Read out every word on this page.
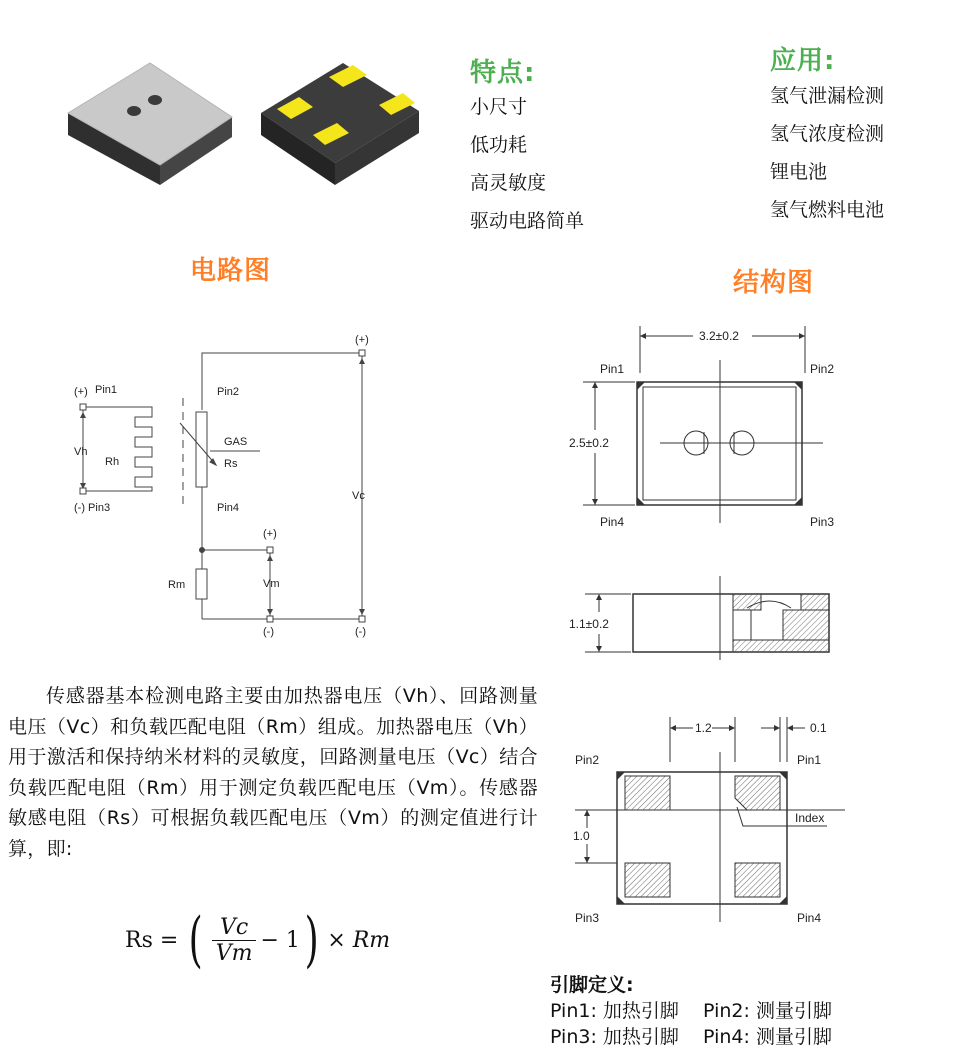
特点:
小尺寸
低功耗
高灵敏度
驱动电路简单
应用:
氢气泄漏检测
氢气浓度检测
锂电池
氢气燃料电池
电路图	结构图
(+)
(+) Pin1
Vh
Rh
(-) Pin3
Pin2
GAS
Rs
Pin4
Vc
(+)
Vm
Rm
(-)	(-)
3.2±0.2
2.5±0.2
Pin1	Pin2
Pin4	Pin3
1.1±0.2
1.2	0.1
1.0
Pin2	Pin1
Index
Pin3	Pin4
传感器基本检测电路主要由加热器电压（Vh）、回路测量电压（Vc）和负载匹配电阻（Rm）组成。加热器电压（Vh）用于激活和保持纳米材料的灵敏度，回路测量电压（Vc）结合负载匹配电阻（Rm）用于测定负载匹配电压（Vm）。传感器敏感电阻（Rs）可根据负载匹配电压（Vm）的测定值进行计算，即:
Rs = ( Vc
Vm
− 1 ) × Rm
引脚定义:
Pin1: 加热引脚    Pin2: 测量引脚
Pin3: 加热引脚    Pin4: 测量引脚
